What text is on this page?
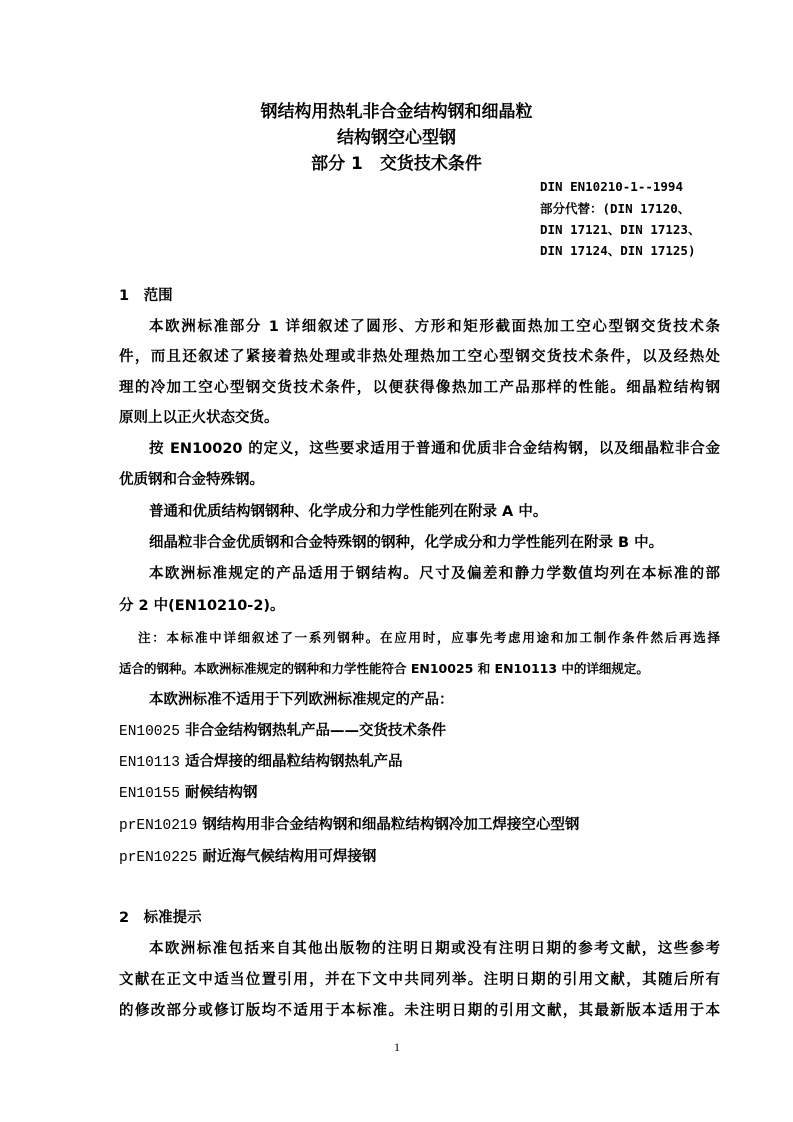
钢结构用热轧非合金结构钢和细晶粒
结构钢空心型钢
部分 1　交货技术条件
DIN EN10210-1--1994
部分代替：(DIN 17120、
DIN 17121、DIN 17123、
DIN 17124、DIN 17125)
1　范围
本欧洲标准部分 1 详细叙述了圆形、方形和矩形截面热加工空心型钢交货技术条
件，而且还叙述了紧接着热处理或非热处理热加工空心型钢交货技术条件，以及经热处
理的冷加工空心型钢交货技术条件，以便获得像热加工产品那样的性能。细晶粒结构钢
原则上以正火状态交货。
按 EN10020 的定义，这些要求适用于普通和优质非合金结构钢，以及细晶粒非合金
优质钢和合金特殊钢。
普通和优质结构钢钢种、化学成分和力学性能列在附录 A 中。
细晶粒非合金优质钢和合金特殊钢的钢种，化学成分和力学性能列在附录 B 中。
本欧洲标准规定的产品适用于钢结构。尺寸及偏差和静力学数值均列在本标准的部
分 2 中(EN10210-2)。
注：本标准中详细叙述了一系列钢种。在应用时，应事先考虑用途和加工制作条件然后再选择
适合的钢种。本欧洲标准规定的钢种和力学性能符合 EN10025 和 EN10113 中的详细规定。
本欧洲标准不适用于下列欧洲标准规定的产品：
EN10025 非合金结构钢热轧产品——交货技术条件
EN10113 适合焊接的细晶粒结构钢热轧产品
EN10155 耐候结构钢
prEN10219 钢结构用非合金结构钢和细晶粒结构钢冷加工焊接空心型钢
prEN10225 耐近海气候结构用可焊接钢
2　标准提示
本欧洲标准包括来自其他出版物的注明日期或没有注明日期的参考文献，这些参考
文献在正文中适当位置引用，并在下文中共同列举。注明日期的引用文献，其随后所有
的修改部分或修订版均不适用于本标准。未注明日期的引用文献，其最新版本适用于本
1
